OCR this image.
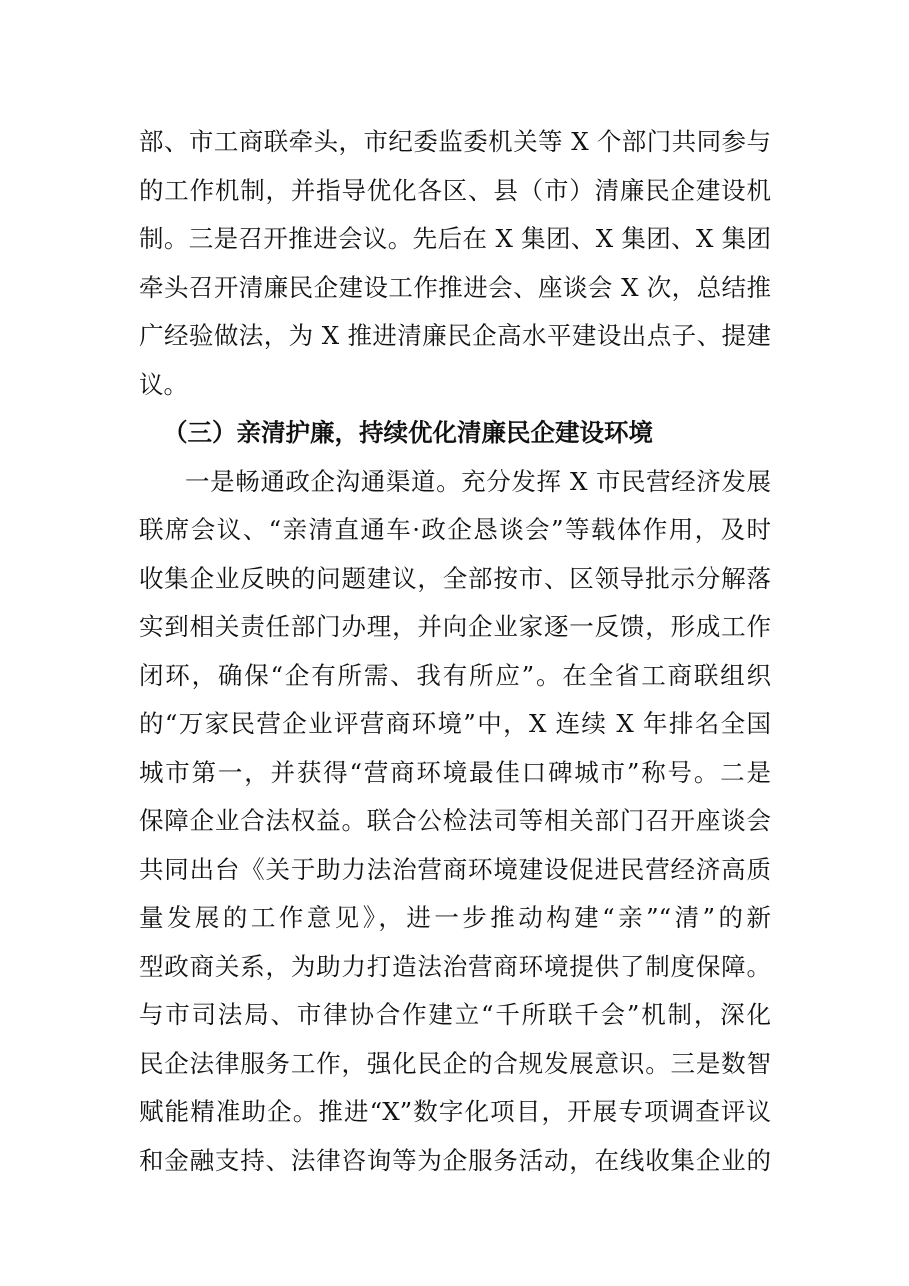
部、市工商联牵头，市纪委监委机关等 X 个部门共同参与
的工作机制，并指导优化各区、县（市）清廉民企建设机
制。三是召开推进会议。先后在 X 集团、X 集团、X 集团
牵头召开清廉民企建设工作推进会、座谈会 X 次，总结推
广经验做法，为 X 推进清廉民企高水平建设出点子、提建
议。
（三）亲清护廉，持续优化清廉民企建设环境
一是畅通政企沟通渠道。充分发挥 X 市民营经济发展
联席会议、“亲清直通车·政企恳谈会”等载体作用，及时
收集企业反映的问题建议，全部按市、区领导批示分解落
实到相关责任部门办理，并向企业家逐一反馈，形成工作
闭环，确保“企有所需、我有所应”。在全省工商联组织
的“万家民营企业评营商环境”中，X 连续 X 年排名全国
城市第一，并获得“营商环境最佳口碑城市”称号。二是
保障企业合法权益。联合公检法司等相关部门召开座谈会
共同出台《关于助力法治营商环境建设促进民营经济高质
量发展的工作意见》，进一步推动构建“亲”“清”的新
型政商关系，为助力打造法治营商环境提供了制度保障。
与市司法局、市律协合作建立“千所联千会”机制，深化
民企法律服务工作，强化民企的合规发展意识。三是数智
赋能精准助企。推进“X”数字化项目，开展专项调查评议
和金融支持、法律咨询等为企服务活动，在线收集企业的
